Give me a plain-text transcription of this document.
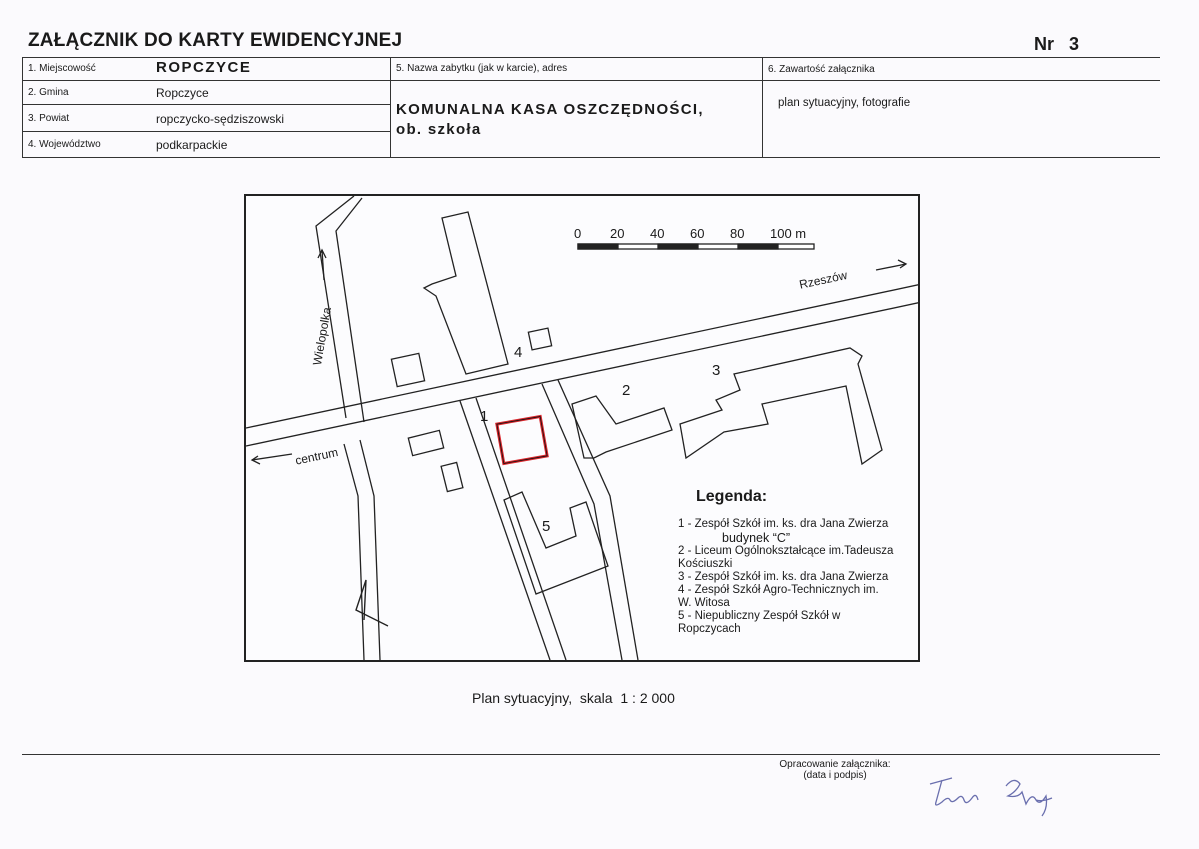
ZAŁĄCZNIK DO KARTY EWIDENCYJNEJ	Nr 3
1. Miejscowość	ROPCZYCE
2. Gmina	Ropczyce
3. Powiat	ropczycko-sędziszowski
4. Województwo	podkarpackie
5. Nazwa zabytku (jak w karcie), adres
KOMUNALNA KASA OSZCZĘDNOŚCI,
ob. szkoła
6. Zawartość załącznika
plan sytuacyjny, fotografie
0 20 40 60 80 100 m
Rzeszów
Wielopolka
centrum
1
2
3
4
5
Legenda:
1 - Zespół Szkół im. ks. dra Jana Zwierza
budynek “C”
2 - Liceum Ogólnokształcące im.Tadeusza
Kościuszki
3 - Zespół Szkół im. ks. dra Jana Zwierza
4 - Zespół Szkół Agro-Technicznych im.
W. Witosa
5 - Niepubliczny Zespół Szkół w
Ropczycach
Plan sytuacyjny,  skala  1 : 2 000
Opracowanie załącznika:
(data i podpis)
